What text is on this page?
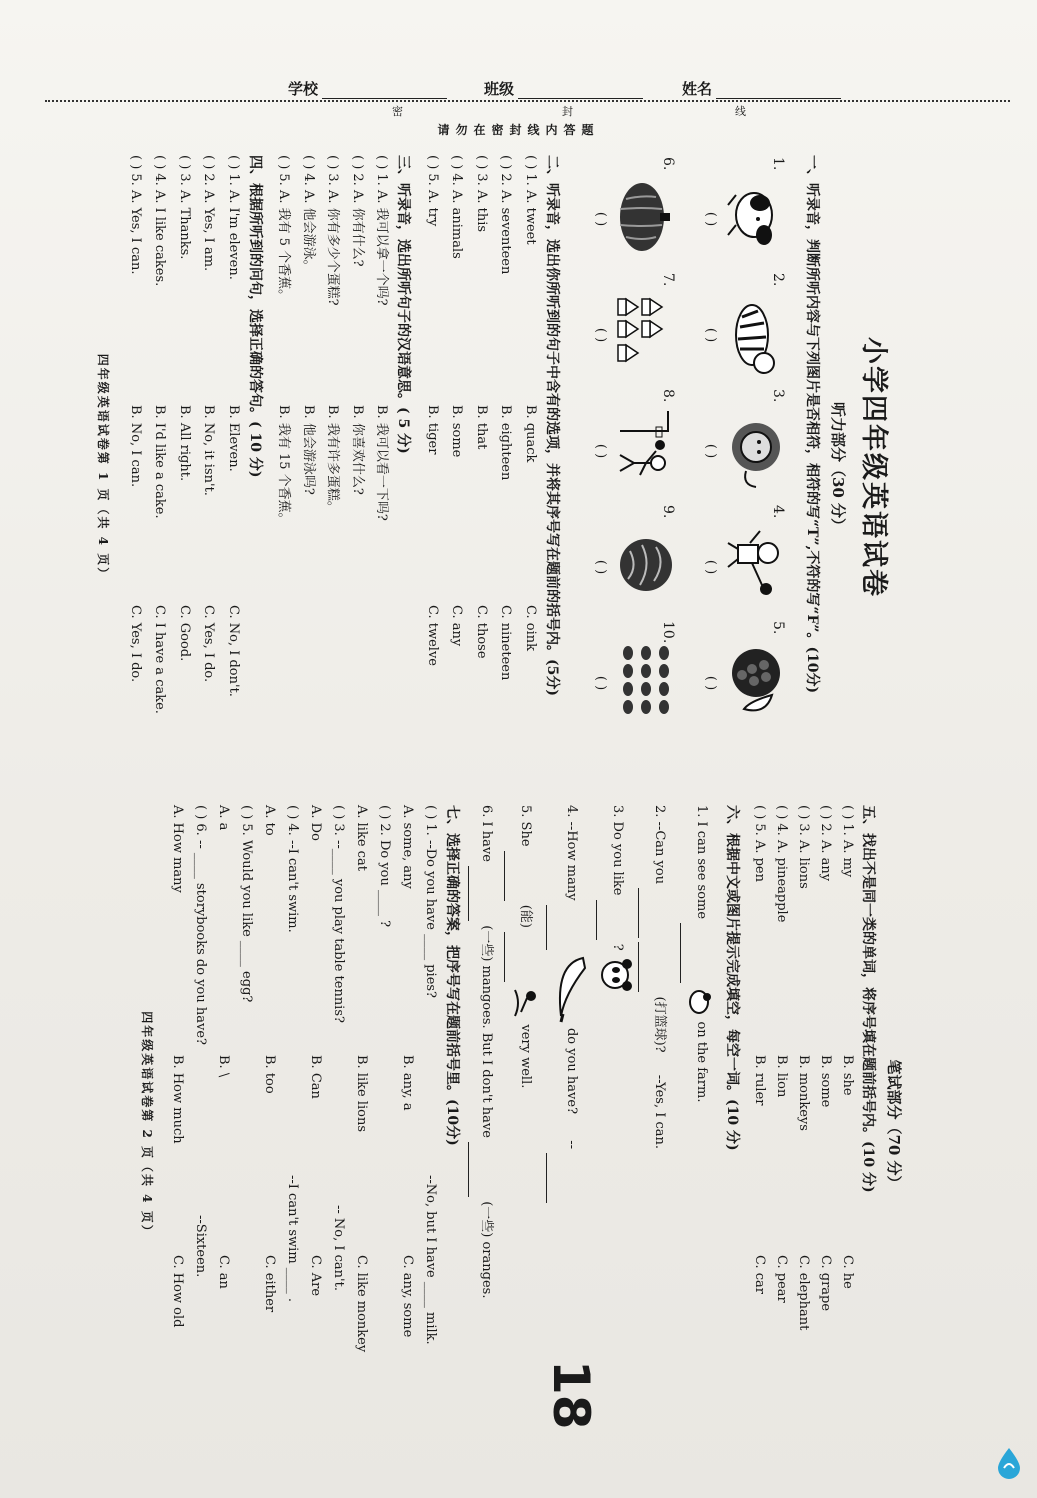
学校	班级	姓名
密	封	线
请勿在密封线内答题
小学四年级英语试卷
听力部分（30 分）
一、听录音，判断所听内容与下列图片是否相符，相符的写“T”,不符的写“F”。(10分)
1.
( )
2.
( )
3.
( )
4.
( )
5.
( )
6.
( )
7.
( )
8.
( )
9.
( )
10.
( )
二、听录音，选出你所听到的句子中含有的选项，并将其序号写在题前的括号内。(5分)
( ) 1. A. tweet
B. quack
C. oink
( ) 2. A. seventeen
B. eighteen
C. nineteen
( ) 3. A. this
B. that
C. those
( ) 4. A. animals
B. some
C. any
( ) 5. A. try
B. tiger
C. twelve
三、听录音，选出所听句子的汉语意思。( 5 分)
( ) 1. A. 我可以拿一个吗?
B. 我可以看一下吗?
( ) 2. A. 你有什么?
B. 你喜欢什么?
( ) 3. A. 你有多少个蛋糕?
B. 我有许多蛋糕。
( ) 4. A. 他会游泳。
B. 他会游泳吗?
( ) 5. A. 我有 5 个香蕉。
B. 我有 15 个香蕉。
四、根据所听到的问句，选择正确的答句。( 10 分)
( ) 1. A. I'm eleven.
B. Eleven.
C. No, I don't.
( ) 2. A. Yes, I am.
B. No, it isn't.
C. Yes, I do.
( ) 3. A. Thanks.
B. All right.
C. Good.
( ) 4. A. I like cakes.
B. I'd like a cake.
C. I have a cake.
( ) 5. A. Yes, I can.
B. No, I can.
C. Yes, I do.
四年级英语试卷第 1 页（共 4 页）
笔试部分（70 分）
五、找出不是同一类的单词，将序号填在题前括号内。(10 分)
( ) 1. A. my
B. she
C. he
( ) 2. A. any
B. some
C. grape
( ) 3. A. lions
B. monkeys
C. elephant
( ) 4. A. pineapple
B. lion
C. pear
( ) 5. A. pen
B. ruler
C. car
六、根据中文或图片提示完成填空，每空一词。(10 分)
1. I can see some   on the farm.
2. --Can you   (打篮球)? --Yes, I can.
3. Do you like  ?
4. --How many   do you have? --
5. She  (能)   very well.
6. I have  (一些) mangoes. But I don't have  (一些) oranges.
七、选择正确的答案，把序号写在题前括号里。(10分)
( ) 1. --Do you have ____ pies?
--No, but I have ____ milk.
A. some, any
B. any, a
C. any, some
( ) 2. Do you ____ ?
A. like cat
B. like lions
C. like monkey
( ) 3. --____ you play table tennis?
-- No, I can't.
A. Do
B. Can
C. Are
( ) 4. --I can't swim.
--I can't swim ____ .
A. to
B. too
C. either
( ) 5. Would you like ____ egg?
A. a
B. \
C. an
( ) 6. -- ____ storybooks do you have?
--Sixteen.
A. How many
B. How much
C. How old
四年级英语试卷第 2 页（共 4 页）
18
